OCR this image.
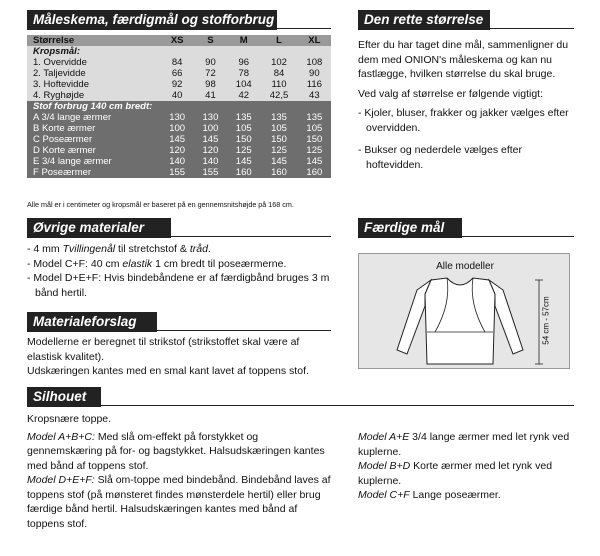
Måleskema, færdigmål og stofforbrug	Den rette størrelse
Størrelse	XS	S	M	L	XL
Kropsmål:					
1. Overvidde	84	90	96	102	108
2. Taljevidde	66	72	78	84	90
3. Hoftevidde	92	98	104	110	116
4. Ryghøjde	40	41	42	42,5	43
Stof forbrug 140 cm bredt:					
A 3/4 lange ærmer	130	130	135	135	135
B Korte ærmer	100	100	105	105	105
C Poseærmer	145	145	150	150	150
D Korte ærmer	120	120	125	125	125
E 3/4 lange ærmer	140	140	145	145	145
F Poseærmer	155	155	160	160	160
Alle mål er i centimeter og kropsmål er baseret på en gennemsnitshøjde på 168 cm.

Efter du har taget dine mål, sammenligner du dem med ONION's måleskema og kan nu fastlægge, hvilken størrelse du skal bruge.

Ved valg af størrelse er følgende vigtigt:

- Kjoler, bluser, frakker og jakker vælges efter overvidden.

- Bukser og nederdele vælges efter hoftevidden.

Øvrige materialer

- 4 mm Tvillingenål til stretchstof & tråd.

- Model C+F: 40 cm elastik 1 cm bredt til poseærmerne.

- Model D+E+F: Hvis bindebåndene er af færdigbånd bruges 3 m bånd hertil.

Færdige mål
Alle modeller
54 cm - 57cm
Materialeforslag

Modellerne er beregnet til strikstof (strikstoffet skal være af elastisk kvalitet).

Udskæringen kantes med en smal kant lavet af toppens stof.

Silhouet

Kropsnære toppe.

Model A+B+C: Med slå om-effekt på forstykket og gennemskæring på for- og bagstykket. Halsudskæringen kantes med bånd af toppens stof.

Model D+E+F: Slå om-toppe med bindebånd. Bindebånd laves af toppens stof (på mønsteret findes mønsterdele hertil) eller brug færdige bånd hertil. Halsudskæringen kantes med bånd af toppens stof.

Model A+E 3/4 lange ærmer med let rynk ved kuplerne.

Model B+D Korte ærmer med let rynk ved kuplerne.

Model C+F Lange poseærmer.
